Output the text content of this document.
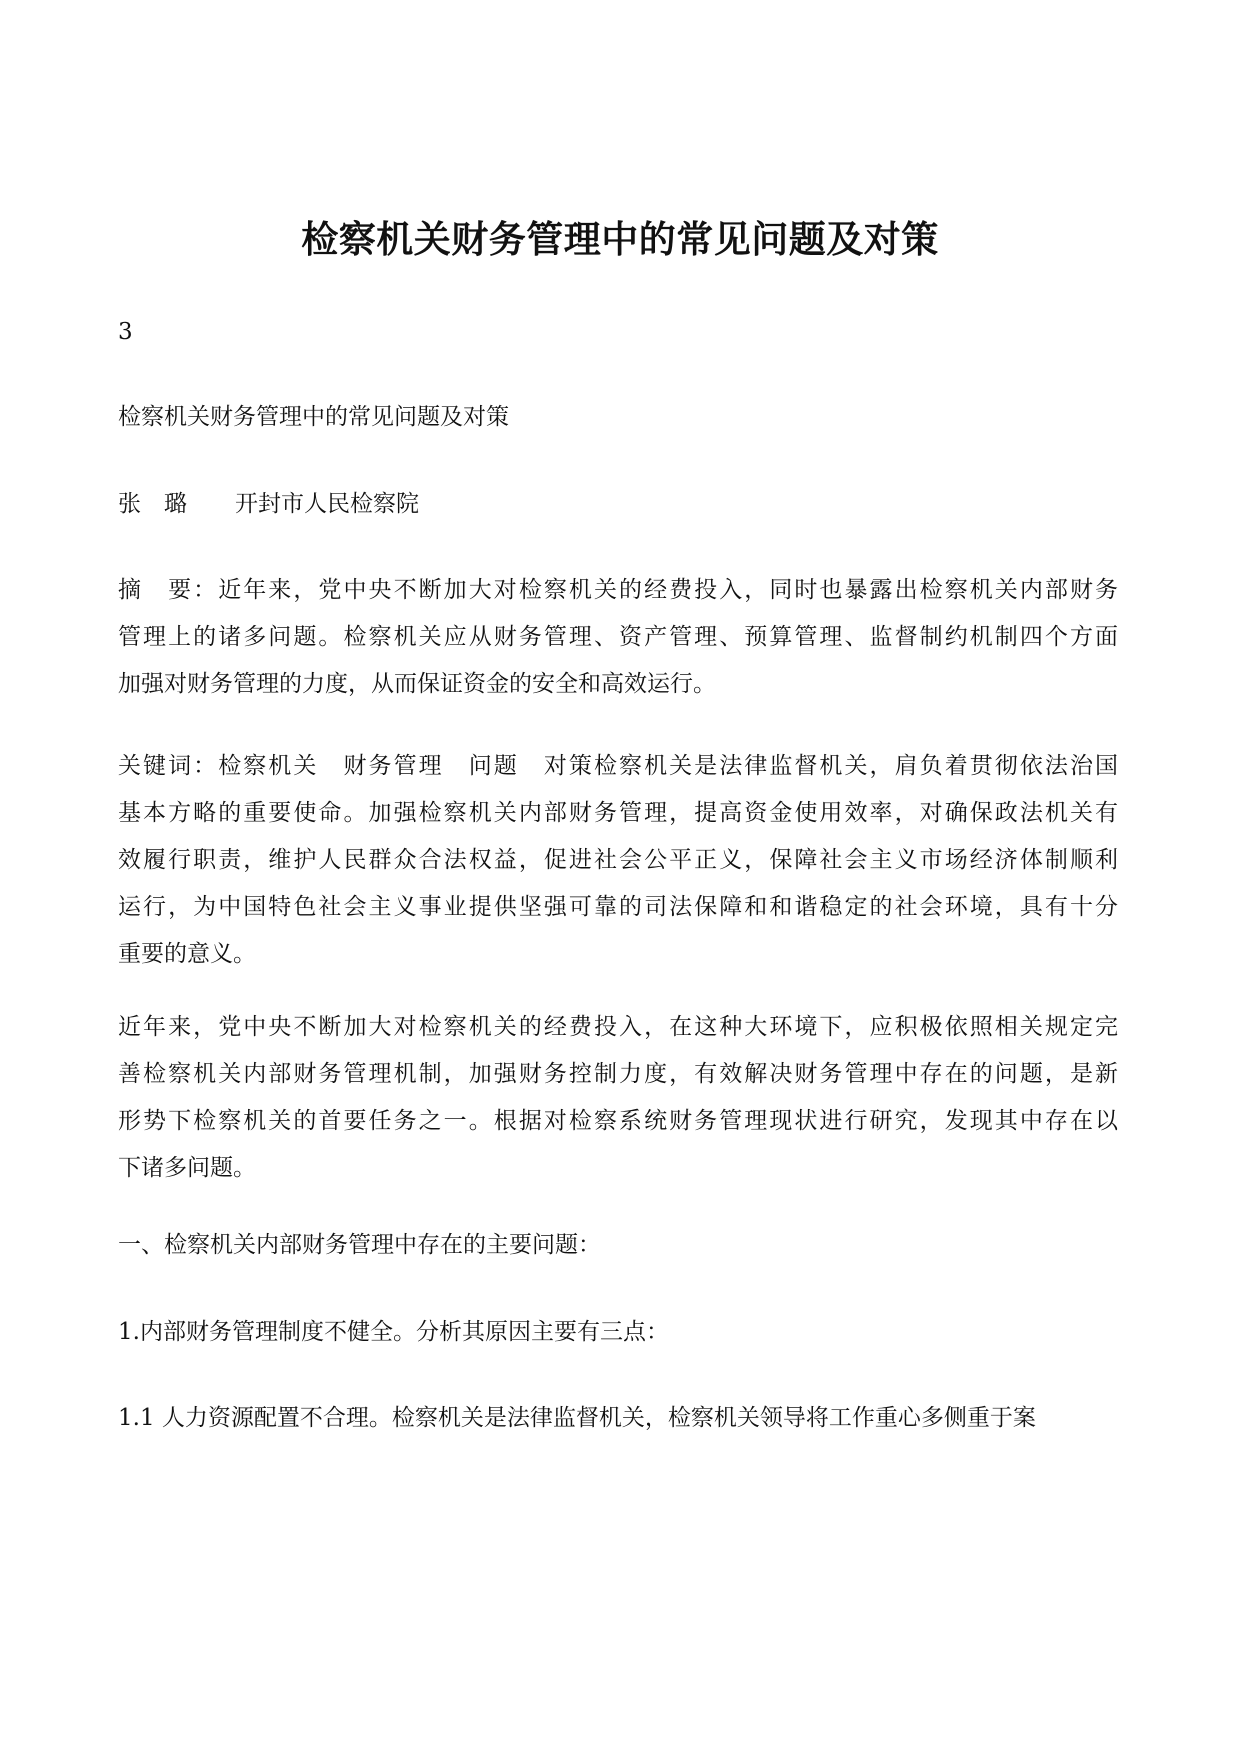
检察机关财务管理中的常见问题及对策
3
检察机关财务管理中的常见问题及对策
张　璐 开封市人民检察院
摘　要：近年来，党中央不断加大对检察机关的经费投入，同时也暴露出检察机关内部财务
管理上的诸多问题。检察机关应从财务管理、资产管理、预算管理、监督制约机制四个方面
加强对财务管理的力度，从而保证资金的安全和高效运行。
关键词：检察机关　财务管理　问题　对策检察机关是法律监督机关，肩负着贯彻依法治国
基本方略的重要使命。加强检察机关内部财务管理，提高资金使用效率，对确保政法机关有
效履行职责，维护人民群众合法权益，促进社会公平正义，保障社会主义市场经济体制顺利
运行，为中国特色社会主义事业提供坚强可靠的司法保障和和谐稳定的社会环境，具有十分
重要的意义。
近年来，党中央不断加大对检察机关的经费投入，在这种大环境下，应积极依照相关规定完
善检察机关内部财务管理机制，加强财务控制力度，有效解决财务管理中存在的问题，是新
形势下检察机关的首要任务之一。根据对检察系统财务管理现状进行研究，发现其中存在以
下诸多问题。
一、检察机关内部财务管理中存在的主要问题：
1.内部财务管理制度不健全。分析其原因主要有三点：
1.1 人力资源配置不合理。检察机关是法律监督机关，检察机关领导将工作重心多侧重于案
